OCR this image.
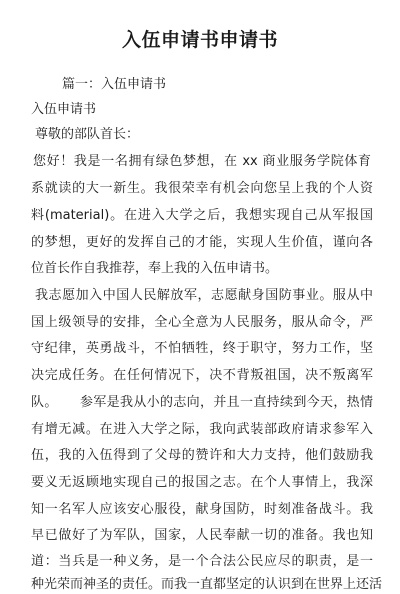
入伍申请书申请书
篇一：入伍申请书
入伍申请书
尊敬的部队首长：
您好！我是一名拥有绿色梦想，在 xx 商业服务学院体育
系就读的大一新生。我很荣幸有机会向您呈上我的个人资
料(material)。在进入大学之后，我想实现自己从军报国
的梦想，更好的发挥自己的才能，实现人生价值，谨向各
位首长作自我推荐，奉上我的入伍申请书。
我志愿加入中国人民解放军，志愿献身国防事业。服从中
国上级领导的安排，全心全意为人民服务，服从命令，严
守纪律，英勇战斗，不怕牺牲，终于职守，努力工作，坚
决完成任务。在任何情况下，决不背叛祖国，决不叛离军
队。     参军是我从小的志向，并且一直持续到今天，热情
有增无减。在进入大学之际，我向武装部政府请求参军入
伍，我的入伍得到了父母的赞许和大力支持，他们鼓励我
要义无返顾地实现自己的报国之志。在个人事情上，我深
知一名军人应该安心服役，献身国防，时刻准备战斗。我
早已做好了为军队，国家，人民奉献一切的准备。我也知
道：当兵是一种义务，是一个合法公民应尽的职责，是一
种光荣而神圣的责任。而我一直都坚定的认识到在世界上还活
